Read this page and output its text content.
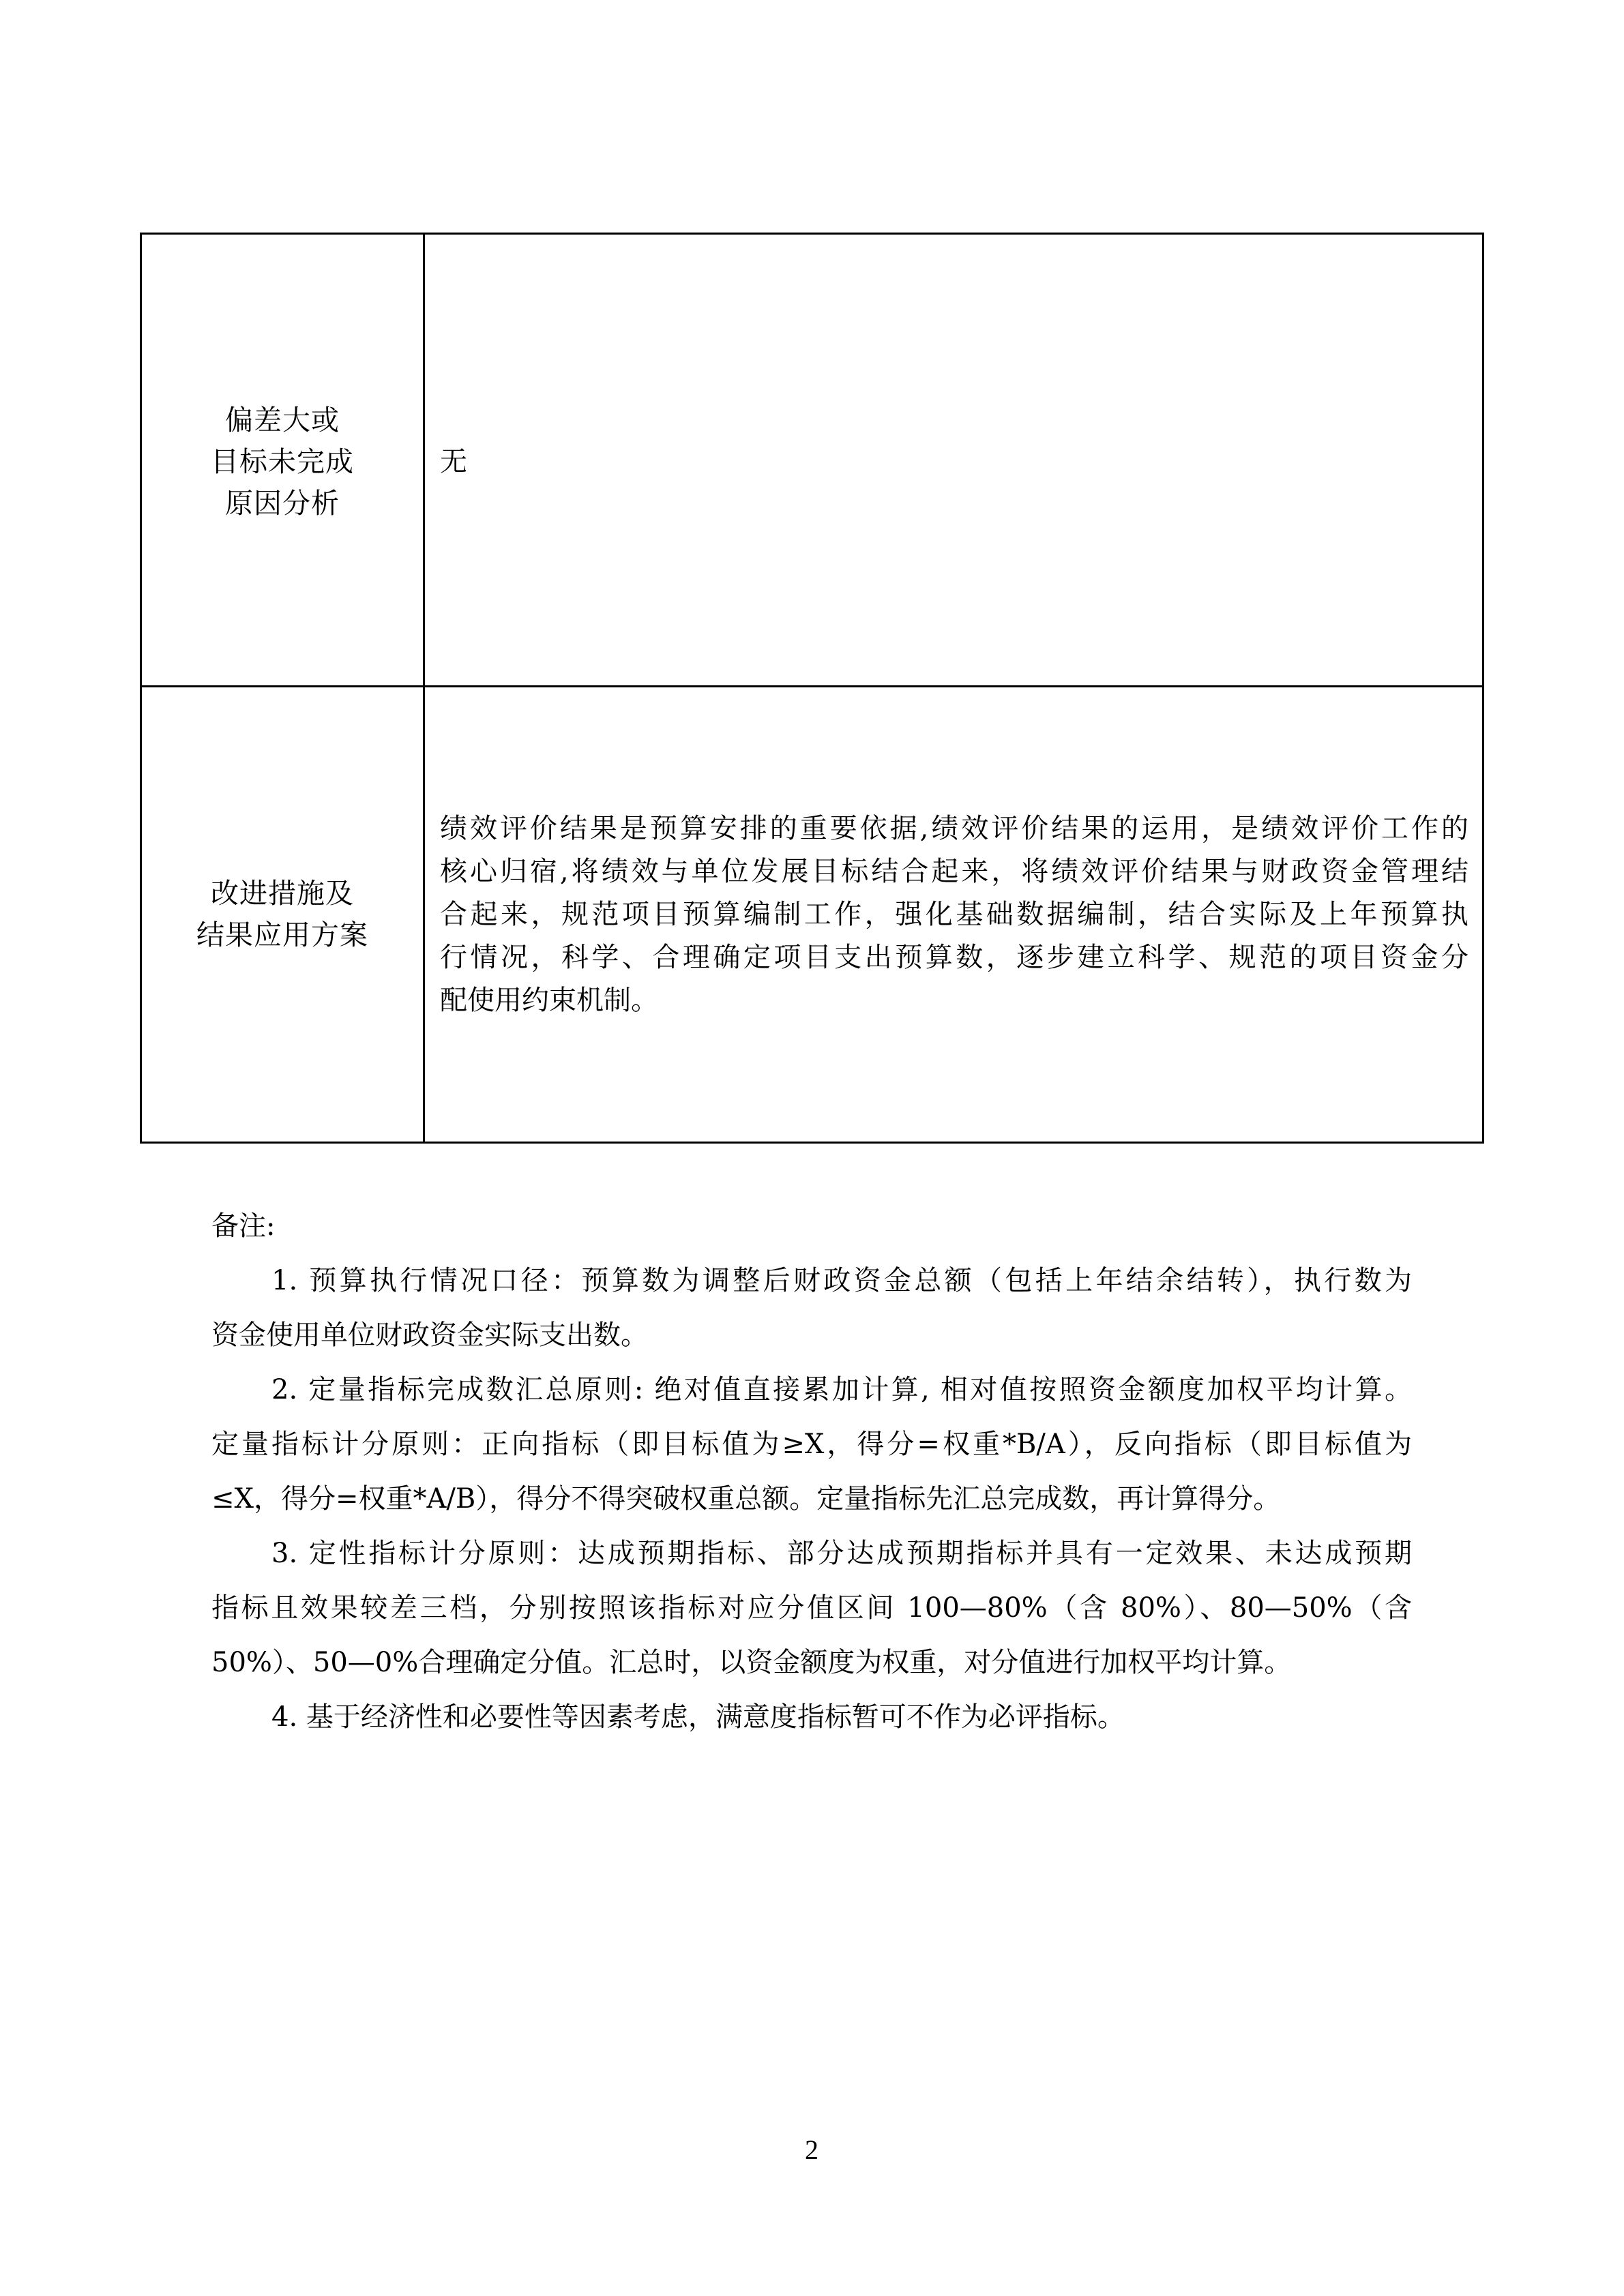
偏差大或
目标未完成
原因分析	无

改进措施及
结果应用方案	绩效评价结果是预算安排的重要依据,绩效评价结果的运用，是绩效评价工作的
核心归宿,将绩效与单位发展目标结合起来，将绩效评价结果与财政资金管理结
合起来，规范项目预算编制工作，强化基础数据编制，结合实际及上年预算执
行情况，科学、合理确定项目支出预算数，逐步建立科学、规范的项目资金分
配使用约束机制。
备注:
1. 预算执行情况口径：预算数为调整后财政资金总额（包括上年结余结转），执行数为
资金使用单位财政资金实际支出数。
2. 定量指标完成数汇总原则: 绝对值直接累加计算, 相对值按照资金额度加权平均计算。
定量指标计分原则：正向指标（即目标值为≥X，得分=权重*B/A），反向指标（即目标值为
≤X，得分=权重*A/B），得分不得突破权重总额。定量指标先汇总完成数，再计算得分。
3. 定性指标计分原则：达成预期指标、部分达成预期指标并具有一定效果、未达成预期
指标且效果较差三档，分别按照该指标对应分值区间 100—80%（含 80%）、80—50%（含
50%）、50—0%合理确定分值。汇总时，以资金额度为权重，对分值进行加权平均计算。
4. 基于经济性和必要性等因素考虑，满意度指标暂可不作为必评指标。
2
